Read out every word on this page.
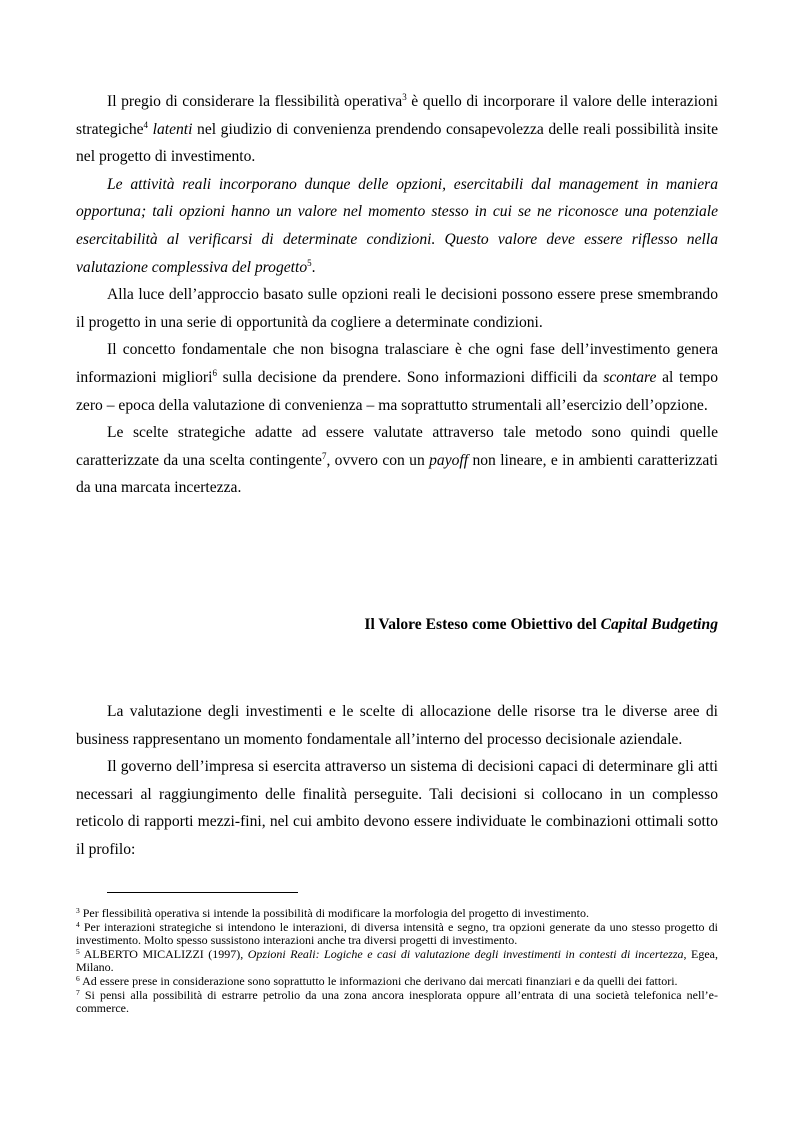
Il pregio di considerare la flessibilità operativa$^3$ è quello di incorporare il valore delle interazioni strategiche$^4$ latenti nel giudizio di convenienza prendendo consapevolezza delle reali possibilità insite nel progetto di investimento.

Le attività reali incorporano dunque delle opzioni, esercitabili dal management in maniera opportuna; tali opzioni hanno un valore nel momento stesso in cui se ne riconosce una potenziale esercitabilità al verificarsi di determinate condizioni. Questo valore deve essere riflesso nella valutazione complessiva del progetto$^5$.

Alla luce dell’approccio basato sulle opzioni reali le decisioni possono essere prese smembrando il progetto in una serie di opportunità da cogliere a determinate condizioni.

Il concetto fondamentale che non bisogna tralasciare è che ogni fase dell’investimento genera informazioni migliori$^6$ sulla decisione da prendere. Sono informazioni difficili da scontare al tempo zero – epoca della valutazione di convenienza – ma soprattutto strumentali all’esercizio dell’opzione.

Le scelte strategiche adatte ad essere valutate attraverso tale metodo sono quindi quelle caratterizzate da una scelta contingente$^7$, ovvero con un payoff non lineare, e in ambienti caratterizzati da una marcata incertezza.

Il Valore Esteso come Obiettivo del Capital Budgeting

La valutazione degli investimenti e le scelte di allocazione delle risorse tra le diverse aree di business rappresentano un momento fondamentale all’interno del processo decisionale aziendale.

Il governo dell’impresa si esercita attraverso un sistema di decisioni capaci di determinare gli atti necessari al raggiungimento delle finalità perseguite. Tali decisioni si collocano in un complesso reticolo di rapporti mezzi-fini, nel cui ambito devono essere individuate le combinazioni ottimali sotto il profilo:

$^3$ Per flessibilità operativa si intende la possibilità di modificare la morfologia del progetto di investimento.

$^4$ Per interazioni strategiche si intendono le interazioni, di diversa intensità e segno, tra opzioni generate da uno stesso progetto di investimento. Molto spesso sussistono interazioni anche tra diversi progetti di investimento.

$^5$ ALBERTO MICALIZZI (1997), Opzioni Reali: Logiche e casi di valutazione degli investimenti in contesti di incertezza, Egea, Milano.

$^6$ Ad essere prese in considerazione sono soprattutto le informazioni che derivano dai mercati finanziari e da quelli dei fattori.

$^7$ Si pensi alla possibilità di estrarre petrolio da una zona ancora inesplorata oppure all’entrata di una società telefonica nell’e-commerce.
